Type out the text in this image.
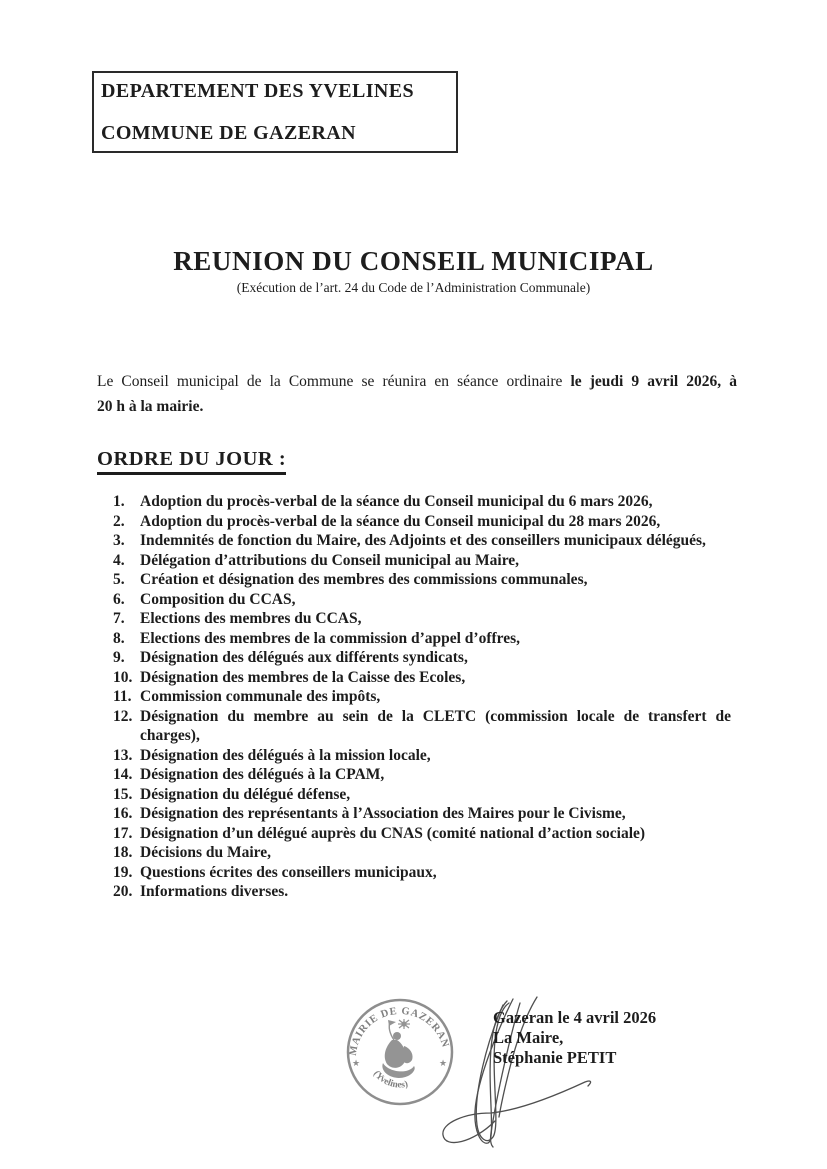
DEPARTEMENT DES YVELINES
COMMUNE DE GAZERAN
REUNION DU CONSEIL MUNICIPAL
(Exécution de l’art. 24 du Code de l’Administration Communale)

Le Conseil municipal de la Commune se réunira en séance ordinaire le jeudi 9 avril 2026, à
20 h à la mairie.

ORDRE DU JOUR :
Adoption du procès-verbal de la séance du Conseil municipal du 6 mars 2026,
Adoption du procès-verbal de la séance du Conseil municipal du 28 mars 2026,
Indemnités de fonction du Maire, des Adjoints et des conseillers municipaux délégués,
Délégation d’attributions du Conseil municipal au Maire,
Création et désignation des membres des commissions communales,
Composition du CCAS,
Elections des membres du CCAS,
Elections des membres de la commission d’appel d’offres,
Désignation des délégués aux différents syndicats,
Désignation des membres de la Caisse des Ecoles,
Commission communale des impôts,
Désignation du membre au sein de la CLETC (commission locale de transfert de charges),
Désignation des délégués à la mission locale,
Désignation des délégués à la CPAM,
Désignation du délégué défense,
Désignation des représentants à l’Association des Maires pour le Civisme,
Désignation d’un délégué auprès du CNAS (comité national d’action sociale)
Décisions du Maire,
Questions écrites des conseillers municipaux,
Informations diverses.
MAIRIE DE GAZERAN
(Yvelines)
★	★
Gazeran le 4 avril 2026
La Maire,
Stéphanie PETIT
